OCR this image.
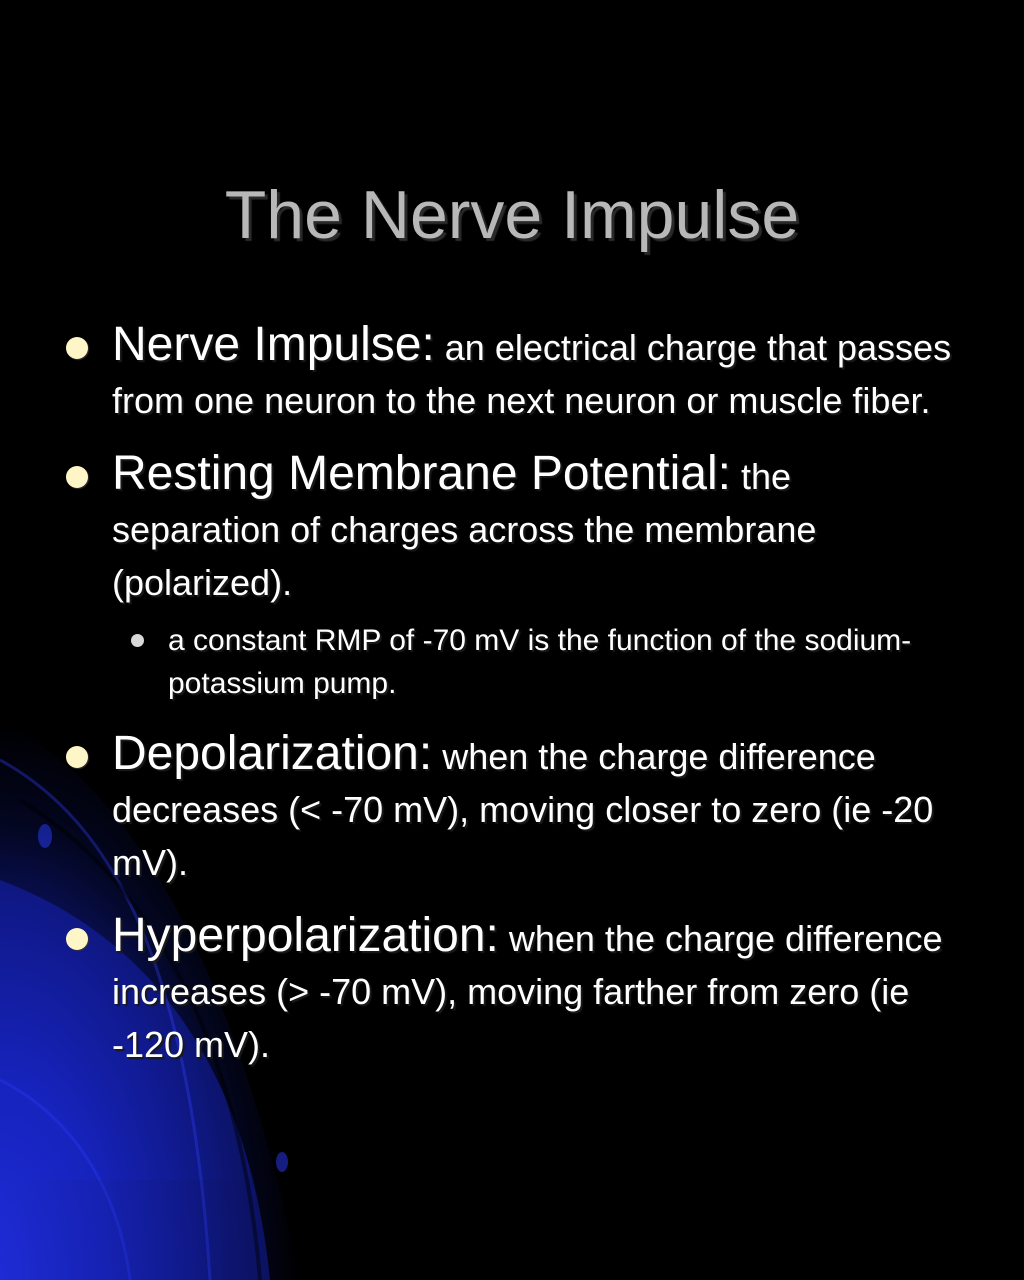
The Nerve Impulse
Nerve Impulse: an electrical charge that passes from one neuron to the next neuron or muscle fiber.
Resting Membrane Potential: the separation of charges across the membrane (polarized).
a constant RMP of -70 mV is the function of the sodium-potassium pump.
Depolarization: when the charge difference decreases (< -70 mV), moving closer to zero (ie -20 mV).
Hyperpolarization: when the charge difference increases (> -70 mV), moving farther from zero (ie -120 mV).
